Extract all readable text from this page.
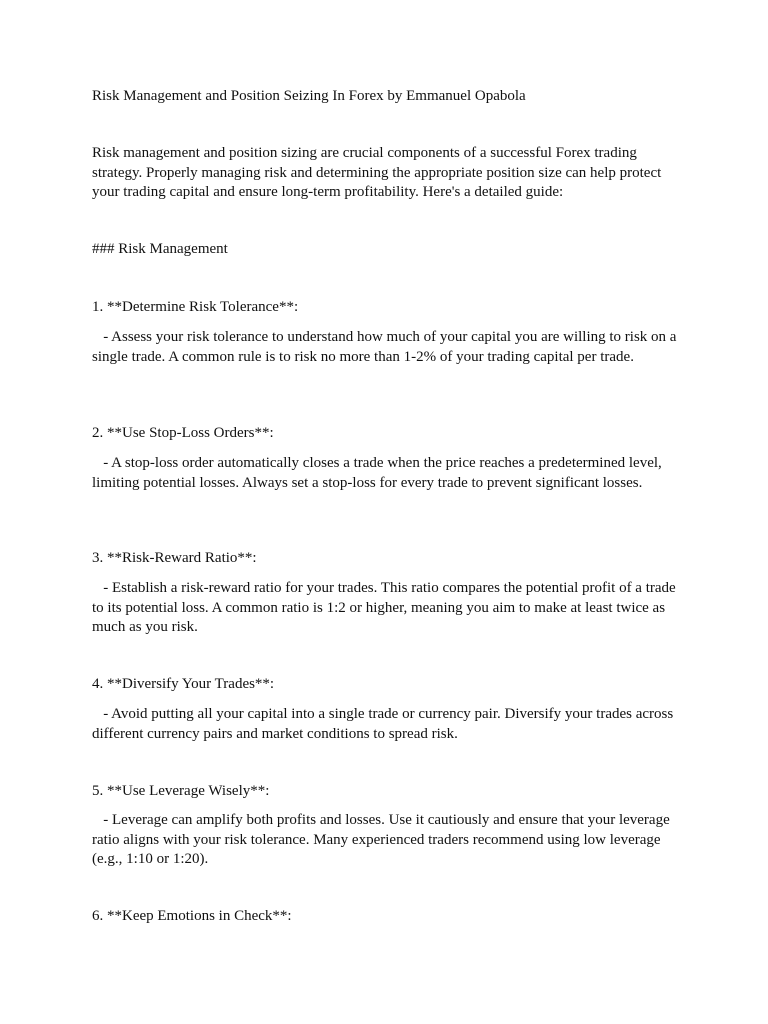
Risk Management and Position Seizing In Forex by Emmanuel Opabola

Risk management and position sizing are crucial components of a successful Forex trading strategy. Properly managing risk and determining the appropriate position size can help protect your trading capital and ensure long-term profitability. Here's a detailed guide:

### Risk Management

1. **Determine Risk Tolerance**:

- Assess your risk tolerance to understand how much of your capital you are willing to risk on a single trade. A common rule is to risk no more than 1-2% of your trading capital per trade.

2. **Use Stop-Loss Orders**:

- A stop-loss order automatically closes a trade when the price reaches a predetermined level, limiting potential losses. Always set a stop-loss for every trade to prevent significant losses.

3. **Risk-Reward Ratio**:

- Establish a risk-reward ratio for your trades. This ratio compares the potential profit of a trade to its potential loss. A common ratio is 1:2 or higher, meaning you aim to make at least twice as much as you risk.

4. **Diversify Your Trades**:

- Avoid putting all your capital into a single trade or currency pair. Diversify your trades across different currency pairs and market conditions to spread risk.

5. **Use Leverage Wisely**:

- Leverage can amplify both profits and losses. Use it cautiously and ensure that your leverage ratio aligns with your risk tolerance. Many experienced traders recommend using low leverage (e.g., 1:10 or 1:20).

6. **Keep Emotions in Check**:
